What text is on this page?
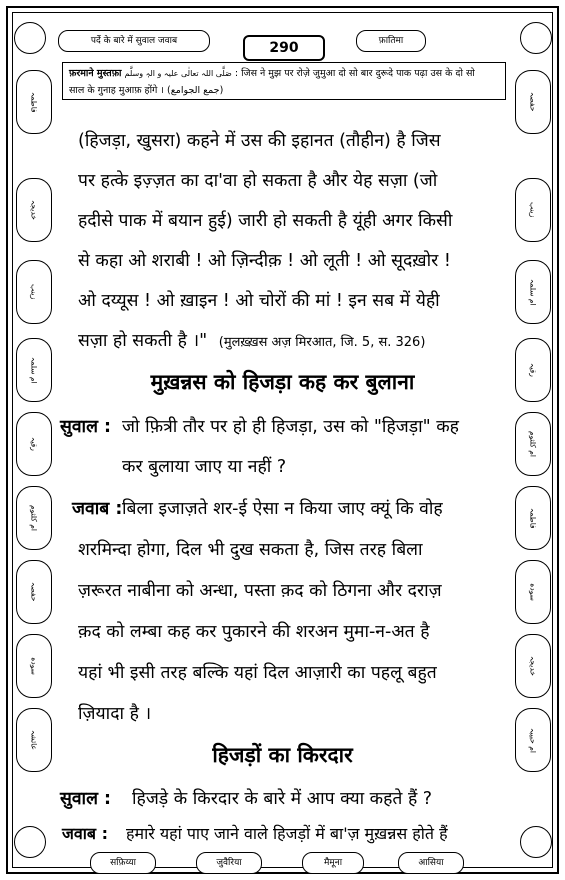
पर्दे के बारे में सुवाल जवाब	290	फ़ातिमा
फ़रमाने मुस्तफ़ा صَلَّی اللہ تعالٰی علیہ و الہٖ وسلَّم : जिस ने मुझ पर रोज़े जुमुआ दो सो बार दुरूदे पाक पढ़ा उस के दो सो
साल के गुनाह मुआफ़ होंगे । (جمع الجوامع)
فاطمہ
خدیجہ
زینب
ام سلمہ
رقیہ
ام كلثوم
حفصہ
سودہ
عائشہ
حفصہ
زینب
ام سلمہ
رقیہ
ام كلثوم
فاطمہ
سودہ
خدیجہ
ام حبیبہ
(हिजड़ा, खुसरा) कहने में उस की इहानत (तौहीन) है जिस
पर हत्के इज़्ज़त का दा'वा हो सकता है और येह सज़ा (जो
हदीसे पाक में बयान हुई) जारी हो सकती है यूंही अगर किसी
से कहा ओ शराबी ! ओ ज़िन्दीक़ ! ओ लूती ! ओ सूदख़ोर !
ओ दय्यूस ! ओ ख़ाइन ! ओ चोरों की मां ! इन सब में येही
सज़ा हो सकती है ।" (मुलख़्ख़स अज़ मिरआत, जि. 5, स. 326)
मुख़न्नस को हिजड़ा कह कर बुलाना
सुवाल : जो फ़ित्री तौर पर हो ही हिजड़ा, उस को "हिजड़ा" कह
कर बुलाया जाए या नहीं ?
जवाब : बिला इजाज़ते शर-ई ऐसा न किया जाए क्यूं कि वोह
शरमिन्दा होगा, दिल भी दुख सकता है, जिस तरह बिला
ज़रूरत नाबीना को अन्धा, पस्ता क़द को ठिगना और दराज़
क़द को लम्बा कह कर पुकारने की शरअन मुमा-न-अत है
यहां भी इसी तरह बल्कि यहां दिल आज़ारी का पहलू बहुत
ज़ियादा है ।
हिजड़ों का किरदार
सुवाल : हिजड़े के किरदार के बारे में आप क्या कहते हैं ?
जवाब : हमारे यहां पाए जाने वाले हिजड़ों में बा'ज़ मुख़न्नस होते हैं
सफ़िय्या	जुवैरिया	मैमूना	आसिया
